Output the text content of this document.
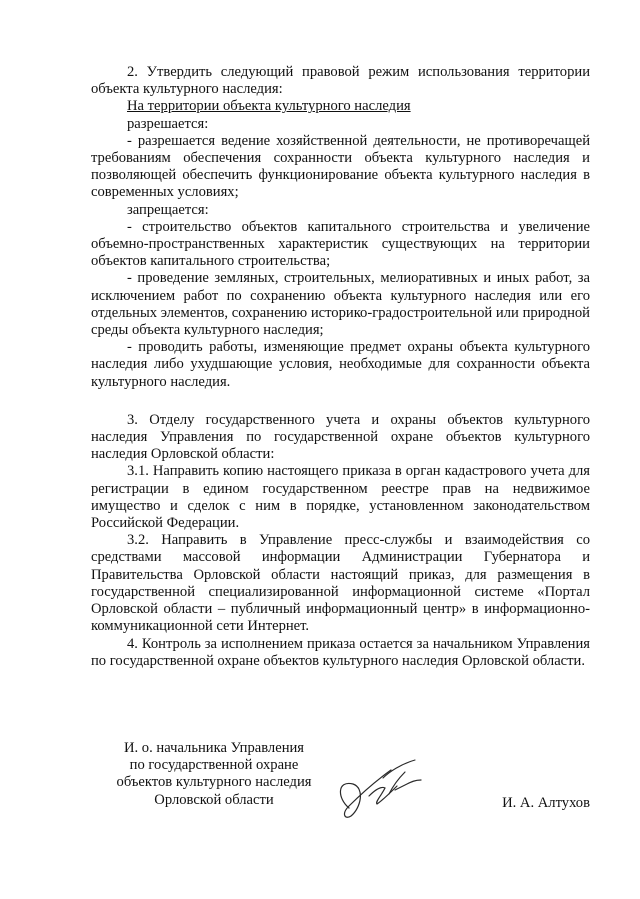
2. Утвердить следующий правовой режим использования территории объекта культурного наследия:

На территории объекта культурного наследия

разрешается:

- разрешается ведение хозяйственной деятельности, не противоречащей требованиям обеспечения сохранности объекта культурного наследия и позволяющей обеспечить функционирование объекта культурного наследия в современных условиях;

запрещается:

- строительство объектов капитального строительства и увеличение объемно-пространственных характеристик существующих на территории объектов капитального строительства;

- проведение земляных, строительных, мелиоративных и иных работ, за исключением работ по сохранению объекта культурного наследия или его отдельных элементов, сохранению историко-градостроительной или природной среды объекта культурного наследия;

- проводить работы, изменяющие предмет охраны объекта культурного наследия либо ухудшающие условия, необходимые для сохранности объекта культурного наследия.

3. Отделу государственного учета и охраны объектов культурного наследия Управления по государственной охране объектов культурного наследия Орловской области:

3.1. Направить копию настоящего приказа в орган кадастрового учета для регистрации в едином государственном реестре прав на недвижимое имущество и сделок с ним в порядке, установленном законодательством Российской Федерации.

3.2. Направить в Управление пресс-службы и взаимодействия со средствами массовой информации Администрации Губернатора и Правительства Орловской области настоящий приказ, для размещения в государственной специализированной информационной системе «Портал Орловской области – публичный информационный центр» в информационно-коммуникационной сети Интернет.

4. Контроль за исполнением приказа остается за начальником Управления по государственной охране объектов культурного наследия Орловской области.

И. о. начальника Управления
по государственной охране
объектов культурного наследия
Орловской области	И. А. Алтухов
